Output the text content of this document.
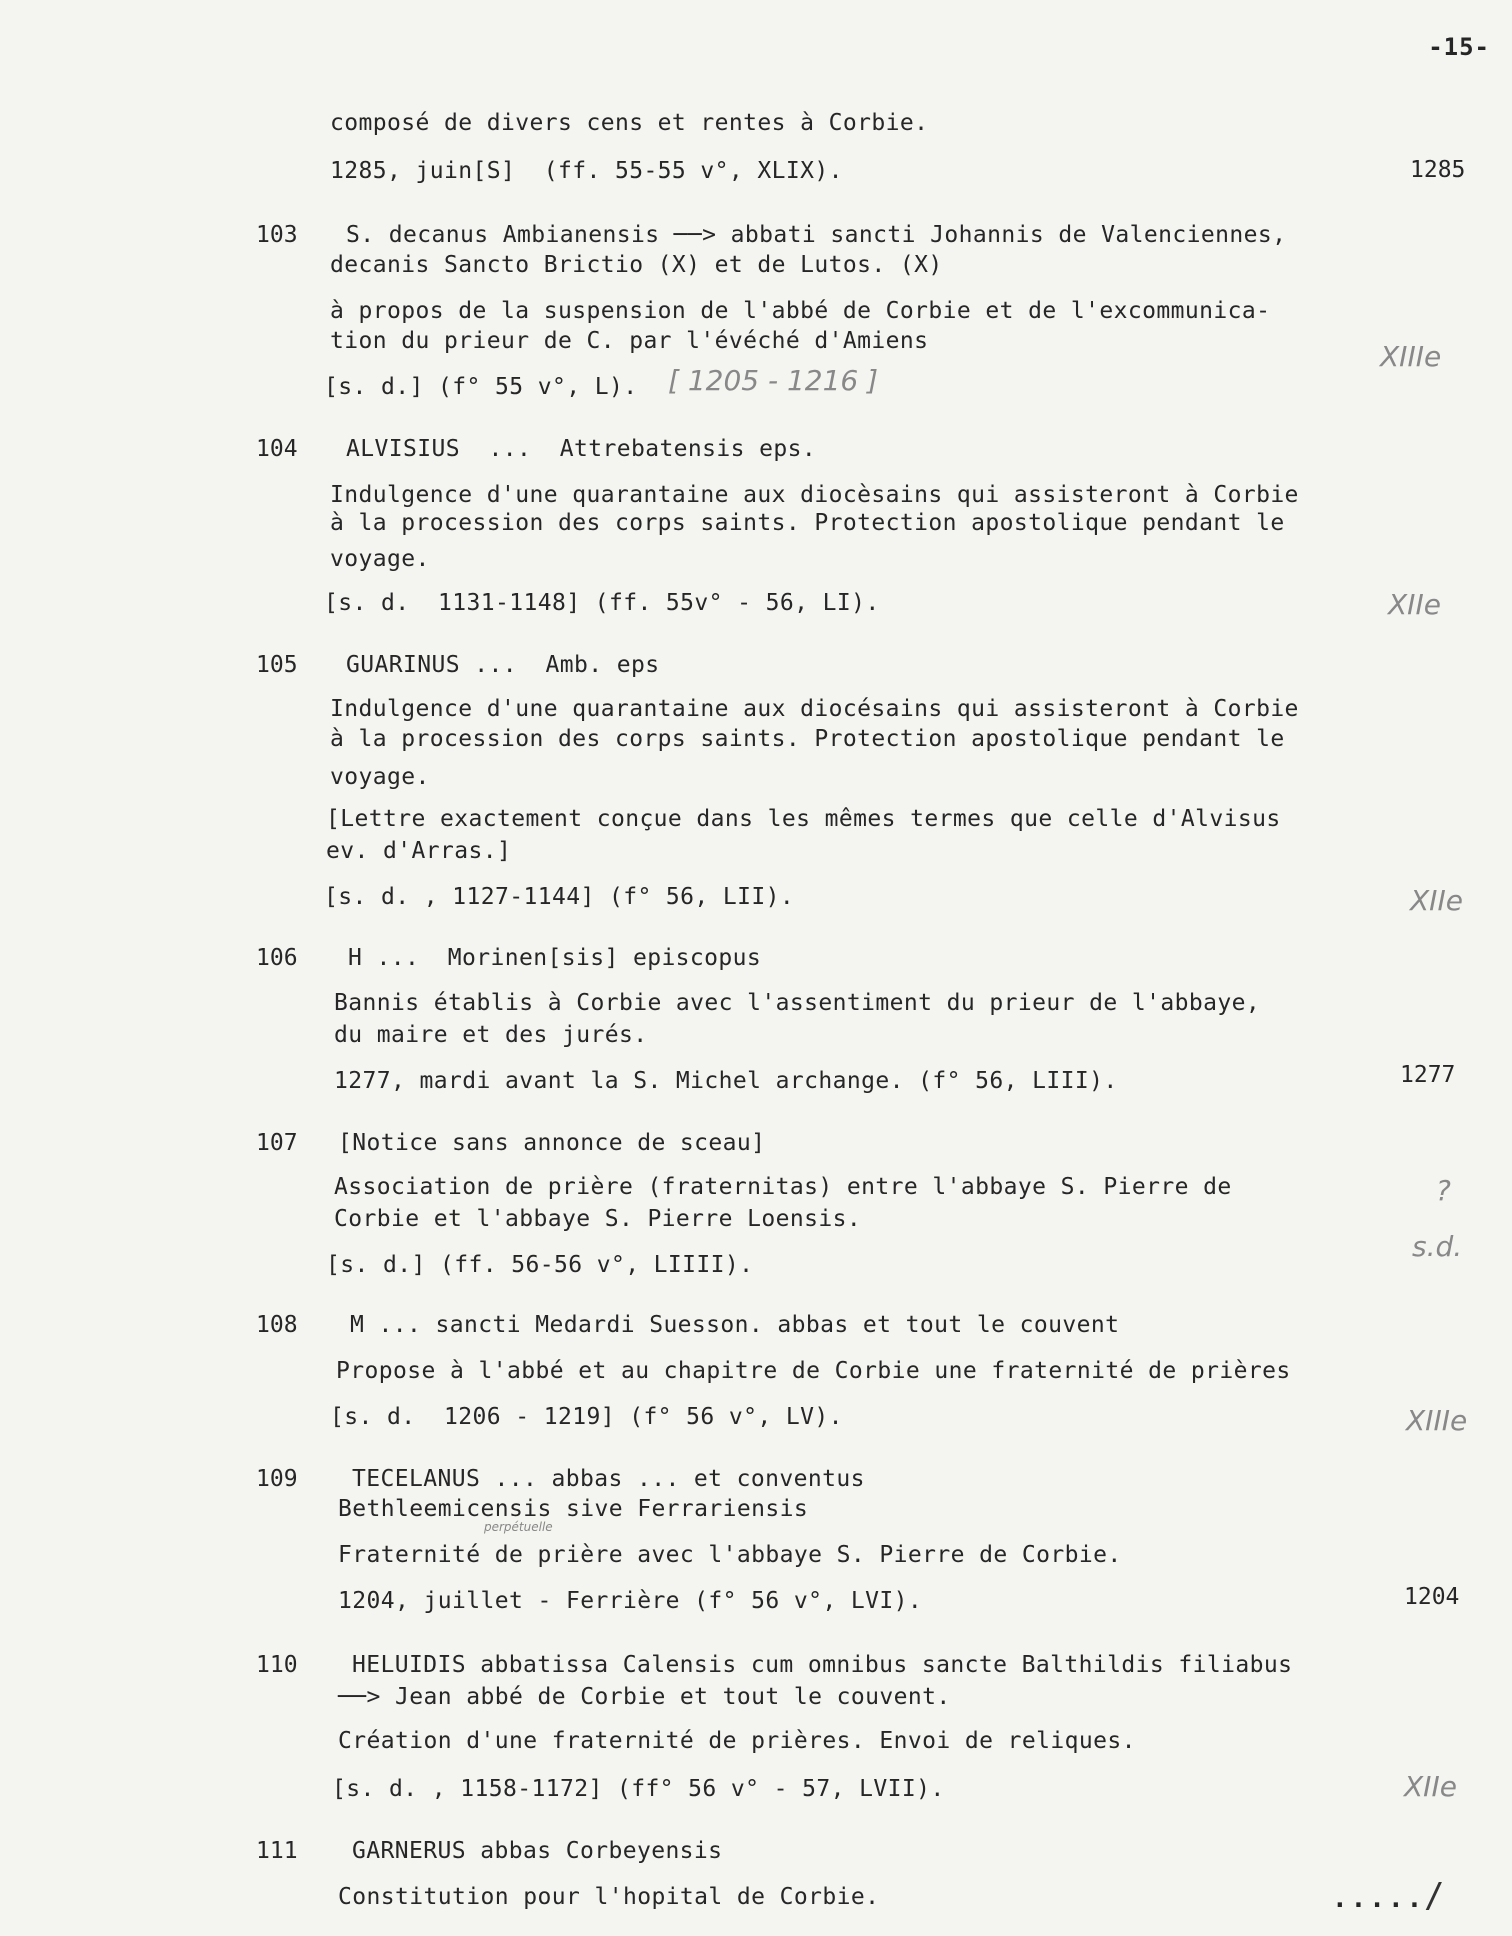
-15-
composé de divers cens et rentes à Corbie.
1285, juin[S]  (ff. 55-55 v°, XLIX).	1285
103 S. decanus Ambianensis ──> abbati sancti Johannis de Valenciennes,
decanis Sancto Brictio (X) et de Lutos. (X)
à propos de la suspension de l'abbé de Corbie et de l'excommunica-
tion du prieur de C. par l'évéché d'Amiens
[s. d.] (f° 55 v°, L). [ 1205 - 1216 ]
XIIIe
104 ALVISIUS  ...  Attrebatensis eps.
Indulgence d'une quarantaine aux diocèsains qui assisteront à Corbie
à la procession des corps saints. Protection apostolique pendant le
voyage.
[s. d.  1131-1148] (ff. 55v° - 56, LI).	XIIe
105 GUARINUS ...  Amb. eps
Indulgence d'une quarantaine aux diocésains qui assisteront à Corbie
à la procession des corps saints. Protection apostolique pendant le
voyage.
[Lettre exactement conçue dans les mêmes termes que celle d'Alvisus
ev. d'Arras.]
[s. d. , 1127-1144] (f° 56, LII).	XIIe
106 H ...  Morinen[sis] episcopus
Bannis établis à Corbie avec l'assentiment du prieur de l'abbaye,
du maire et des jurés.
1277, mardi avant la S. Michel archange. (f° 56, LIII).	1277
107 [Notice sans annonce de sceau]
Association de prière (fraternitas) entre l'abbaye S. Pierre de
Corbie et l'abbaye S. Pierre Loensis.
[s. d.] (ff. 56-56 v°, LIIII).
?
s.d.
108 M ... sancti Medardi Suesson. abbas et tout le couvent
Propose à l'abbé et au chapitre de Corbie une fraternité de prières
[s. d.  1206 - 1219] (f° 56 v°, LV).	XIIIe
109 TECELANUS ... abbas ... et conventus
Bethleemicensis sive Ferrariensis
perpétuelle
Fraternité de prière avec l'abbaye S. Pierre de Corbie.
1204, juillet - Ferrière (f° 56 v°, LVI).	1204
110 HELUIDIS abbatissa Calensis cum omnibus sancte Balthildis filiabus
──> Jean abbé de Corbie et tout le couvent.
Création d'une fraternité de prières. Envoi de reliques.
[s. d. , 1158-1172] (ff° 56 v° - 57, LVII).	XIIe
111 GARNERUS abbas Corbeyensis
Constitution pour l'hopital de Corbie.	.....
/
